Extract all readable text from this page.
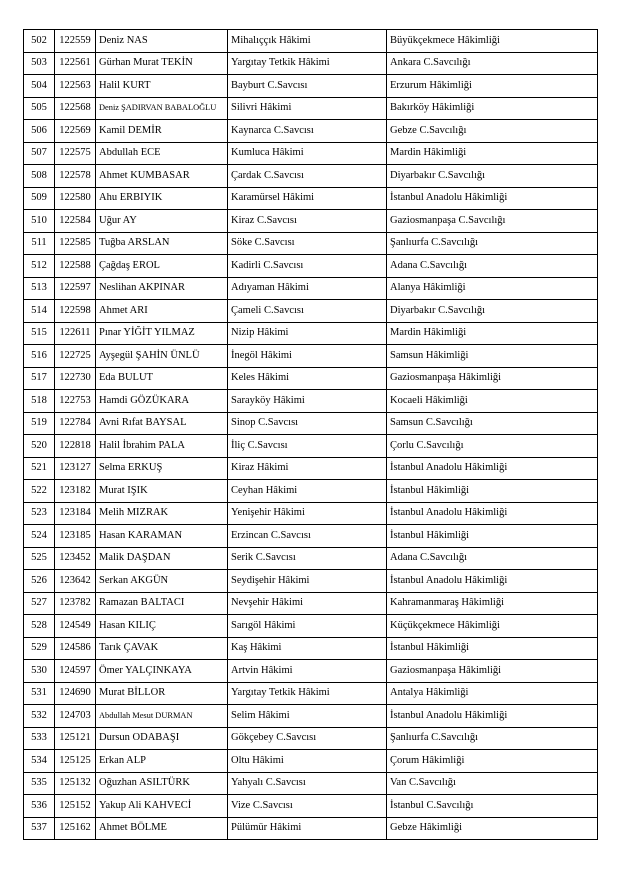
502	122559	Deniz NAS	Mihalıççık Hâkimi	Büyükçekmece Hâkimliği
503	122561	Gürhan Murat TEKİN	Yargıtay Tetkik Hâkimi	Ankara C.Savcılığı
504	122563	Halil KURT	Bayburt C.Savcısı	Erzurum Hâkimliği
505	122568	Deniz ŞADIRVAN BABALOĞLU	Silivri Hâkimi	Bakırköy Hâkimliği
506	122569	Kamil DEMİR	Kaynarca C.Savcısı	Gebze C.Savcılığı
507	122575	Abdullah ECE	Kumluca Hâkimi	Mardin Hâkimliği
508	122578	Ahmet KUMBASAR	Çardak C.Savcısı	Diyarbakır C.Savcılığı
509	122580	Ahu ERBIYIK	Karamürsel Hâkimi	İstanbul Anadolu Hâkimliği
510	122584	Uğur AY	Kiraz C.Savcısı	Gaziosmanpaşa C.Savcılığı
511	122585	Tuğba ARSLAN	Söke C.Savcısı	Şanlıurfa C.Savcılığı
512	122588	Çağdaş EROL	Kadirli C.Savcısı	Adana C.Savcılığı
513	122597	Neslihan AKPINAR	Adıyaman Hâkimi	Alanya Hâkimliği
514	122598	Ahmet ARI	Çameli C.Savcısı	Diyarbakır C.Savcılığı
515	122611	Pınar YİĞİT YILMAZ	Nizip Hâkimi	Mardin Hâkimliği
516	122725	Ayşegül ŞAHİN ÜNLÜ	İnegöl Hâkimi	Samsun Hâkimliği
517	122730	Eda BULUT	Keles Hâkimi	Gaziosmanpaşa Hâkimliği
518	122753	Hamdi GÖZÜKARA	Sarayköy Hâkimi	Kocaeli Hâkimliği
519	122784	Avni Rıfat BAYSAL	Sinop C.Savcısı	Samsun C.Savcılığı
520	122818	Halil İbrahim PALA	İliç C.Savcısı	Çorlu C.Savcılığı
521	123127	Selma ERKUŞ	Kiraz Hâkimi	İstanbul Anadolu Hâkimliği
522	123182	Murat IŞIK	Ceyhan Hâkimi	İstanbul Hâkimliği
523	123184	Melih MIZRAK	Yenişehir Hâkimi	İstanbul Anadolu Hâkimliği
524	123185	Hasan KARAMAN	Erzincan C.Savcısı	İstanbul Hâkimliği
525	123452	Malik DAŞDAN	Serik C.Savcısı	Adana C.Savcılığı
526	123642	Serkan AKGÜN	Seydişehir Hâkimi	İstanbul Anadolu Hâkimliği
527	123782	Ramazan BALTACI	Nevşehir Hâkimi	Kahramanmaraş Hâkimliği
528	124549	Hasan KILIÇ	Sarıgöl Hâkimi	Küçükçekmece Hâkimliği
529	124586	Tarık ÇAVAK	Kaş Hâkimi	İstanbul Hâkimliği
530	124597	Ömer YALÇINKAYA	Artvin Hâkimi	Gaziosmanpaşa Hâkimliği
531	124690	Murat BİLLOR	Yargıtay Tetkik Hâkimi	Antalya Hâkimliği
532	124703	Abdullah Mesut DURMAN	Selim Hâkimi	İstanbul Anadolu Hâkimliği
533	125121	Dursun ODABAŞI	Gökçebey C.Savcısı	Şanlıurfa C.Savcılığı
534	125125	Erkan ALP	Oltu Hâkimi	Çorum Hâkimliği
535	125132	Oğuzhan ASILTÜRK	Yahyalı C.Savcısı	Van C.Savcılığı
536	125152	Yakup Ali KAHVECİ	Vize C.Savcısı	İstanbul C.Savcılığı
537	125162	Ahmet BÖLME	Pülümür Hâkimi	Gebze Hâkimliği
